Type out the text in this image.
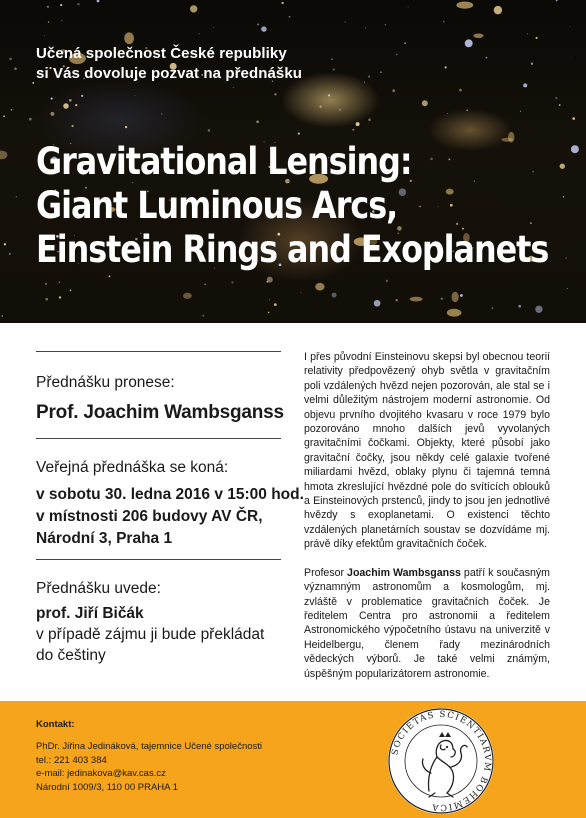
Učená společnost České republiky
si Vás dovoluje pozvat na přednášku
Gravitational Lensing:
Giant Luminous Arcs,
Einstein Rings and Exoplanets
Přednášku pronese:
Prof. Joachim Wambsganss
Veřejná přednáška se koná:
v sobotu 30. ledna 2016 v 15:00 hod.
v místnosti 206 budovy AV ČR,
Národní 3, Praha 1
Přednášku uvede:
prof. Jiří Bičák
v případě zájmu ji bude překládat
do češtiny

I přes původní Einsteinovu skepsi byl obecnou teorií relativity předpovězený ohyb světla v gravitačním poli vzdálených hvězd nejen pozorován, ale stal se i velmi důležitým nástrojem moderní astronomie. Od objevu prvního dvojitého kvasaru v roce 1979 bylo pozorováno mnoho dalších jevů vyvolaných gravitačními čočkami. Objekty, které působí jako gravitační čočky, jsou někdy celé galaxie tvořené miliardami hvězd, oblaky plynu či tajemná temná hmota zkreslující hvězdné pole do svítících oblouků a Einsteinových prstenců, jindy to jsou jen jednotlivé hvězdy s exoplanetami. O existenci těchto vzdálených planetárních soustav se dozvídáme mj. právě díky efektům gravitačních čoček.

Profesor Joachim Wambsganss patří k současným významným astronomům a kosmologům, mj. zvláště v problematice gravitačních čoček. Je ředitelem Centra pro astronomii a ředitelem Astronomického výpočetního ústavu na univerzitě v Heidelbergu, členem řady mezinárodních vědeckých výborů. Je také velmi známým, úspěšným popularizátorem astronomie.

Kontakt:
PhDr. Jiřina Jedináková, tajemnice Učené společnosti
tel.: 221 403 384
e-mail: jedinakova@kav.cas.cz
Národní 1009/3, 110 00 PRAHA 1
SOCIETAS SCIENTIARVM BOHEMICA
